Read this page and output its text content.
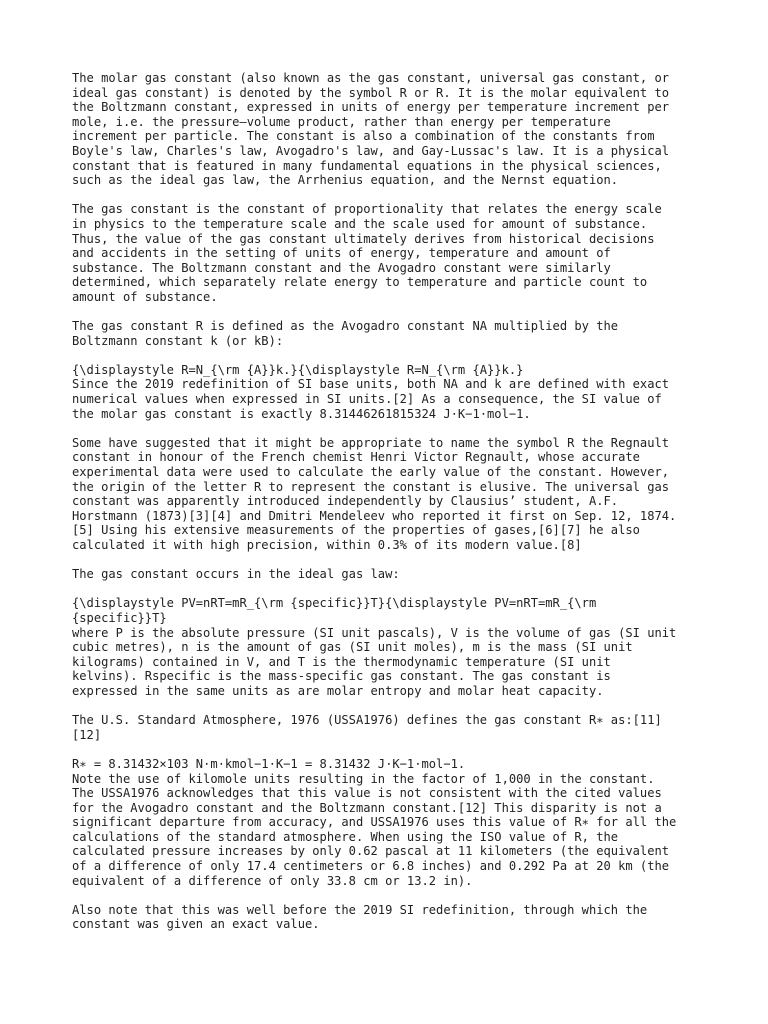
The molar gas constant (also known as the gas constant, universal gas constant, or
ideal gas constant) is denoted by the symbol R or R. It is the molar equivalent to
the Boltzmann constant, expressed in units of energy per temperature increment per
mole, i.e. the pressure–volume product, rather than energy per temperature
increment per particle. The constant is also a combination of the constants from
Boyle's law, Charles's law, Avogadro's law, and Gay-Lussac's law. It is a physical
constant that is featured in many fundamental equations in the physical sciences,
such as the ideal gas law, the Arrhenius equation, and the Nernst equation.

The gas constant is the constant of proportionality that relates the energy scale
in physics to the temperature scale and the scale used for amount of substance.
Thus, the value of the gas constant ultimately derives from historical decisions
and accidents in the setting of units of energy, temperature and amount of
substance. The Boltzmann constant and the Avogadro constant were similarly
determined, which separately relate energy to temperature and particle count to
amount of substance.

The gas constant R is defined as the Avogadro constant NA multiplied by the
Boltzmann constant k (or kB):

{\displaystyle R=N_{\rm {A}}k.}{\displaystyle R=N_{\rm {A}}k.}
Since the 2019 redefinition of SI base units, both NA and k are defined with exact
numerical values when expressed in SI units.[2] As a consequence, the SI value of
the molar gas constant is exactly 8.31446261815324 J⋅K−1⋅mol−1.

Some have suggested that it might be appropriate to name the symbol R the Regnault
constant in honour of the French chemist Henri Victor Regnault, whose accurate
experimental data were used to calculate the early value of the constant. However,
the origin of the letter R to represent the constant is elusive. The universal gas
constant was apparently introduced independently by Clausius’ student, A.F.
Horstmann (1873)[3][4] and Dmitri Mendeleev who reported it first on Sep. 12, 1874.
[5] Using his extensive measurements of the properties of gases,[6][7] he also
calculated it with high precision, within 0.3% of its modern value.[8]

The gas constant occurs in the ideal gas law:

{\displaystyle PV=nRT=mR_{\rm {specific}}T}{\displaystyle PV=nRT=mR_{\rm
{specific}}T}
where P is the absolute pressure (SI unit pascals), V is the volume of gas (SI unit
cubic metres), n is the amount of gas (SI unit moles), m is the mass (SI unit
kilograms) contained in V, and T is the thermodynamic temperature (SI unit
kelvins). Rspecific is the mass-specific gas constant. The gas constant is
expressed in the same units as are molar entropy and molar heat capacity.

The U.S. Standard Atmosphere, 1976 (USSA1976) defines the gas constant R∗ as:[11]
[12]

R∗ = 8.31432×103 N⋅m⋅kmol−1⋅K−1 = 8.31432 J⋅K−1⋅mol−1.
Note the use of kilomole units resulting in the factor of 1,000 in the constant.
The USSA1976 acknowledges that this value is not consistent with the cited values
for the Avogadro constant and the Boltzmann constant.[12] This disparity is not a
significant departure from accuracy, and USSA1976 uses this value of R∗ for all the
calculations of the standard atmosphere. When using the ISO value of R, the
calculated pressure increases by only 0.62 pascal at 11 kilometers (the equivalent
of a difference of only 17.4 centimeters or 6.8 inches) and 0.292 Pa at 20 km (the
equivalent of a difference of only 33.8 cm or 13.2 in).

Also note that this was well before the 2019 SI redefinition, through which the
constant was given an exact value.
